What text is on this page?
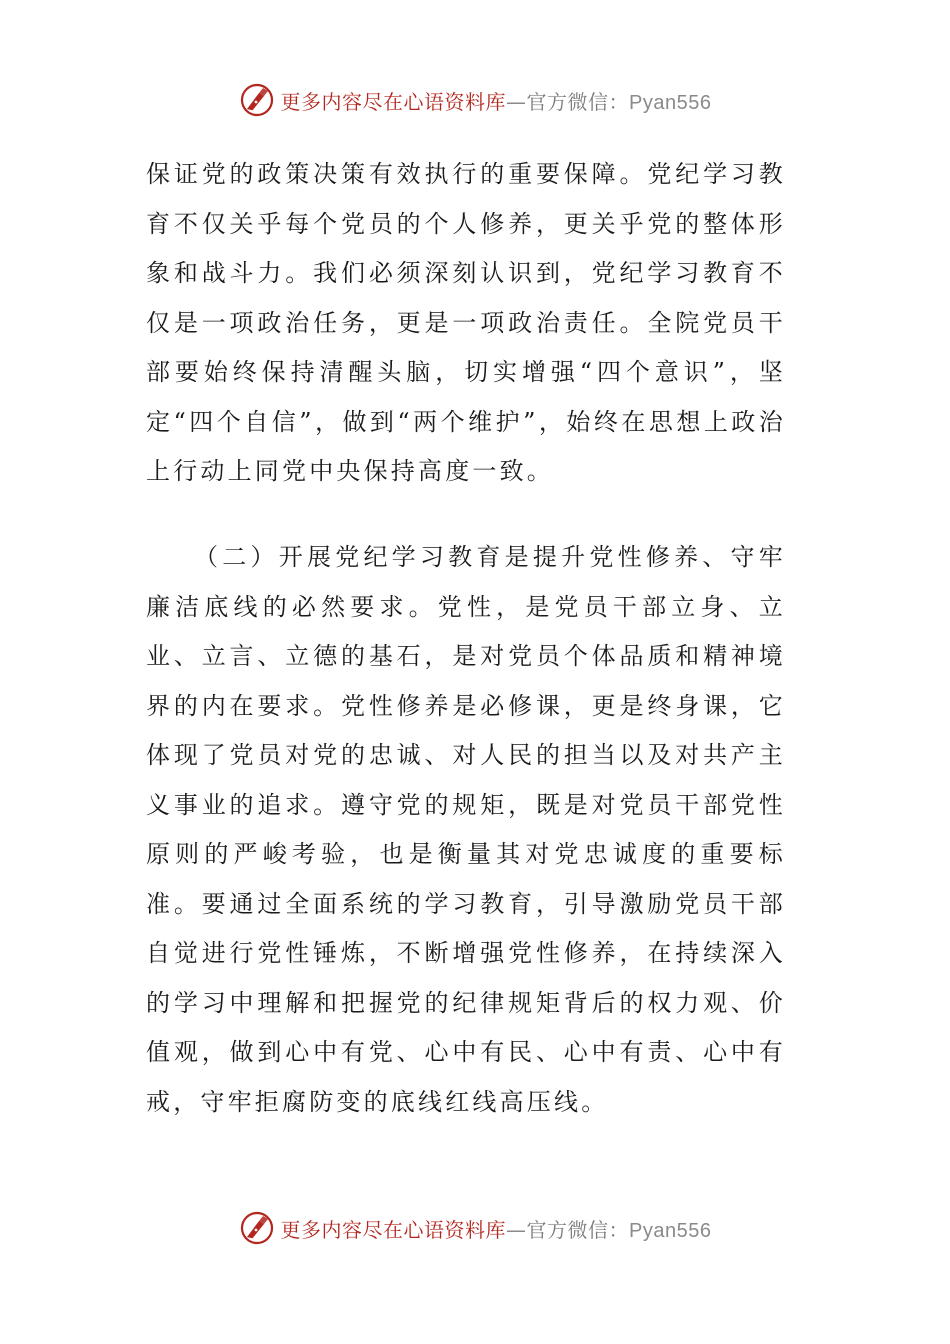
更多内容尽在心语资料库—官方微信：Pyan556

保证党的政策决策有效执行的重要保障。党纪学习教育不仅关乎每个党员的个人修养，更关乎党的整体形象和战斗力。我们必须深刻认识到，党纪学习教育不仅是一项政治任务，更是一项政治责任。全院党员干部要始终保持清醒头脑，切实增强“四个意识”，坚定“四个自信”，做到“两个维护”，始终在思想上政治上行动上同党中央保持高度一致。

（二）开展党纪学习教育是提升党性修养、守牢廉洁底线的必然要求。党性，是党员干部立身、立业、立言、立德的基石，是对党员个体品质和精神境界的内在要求。党性修养是必修课，更是终身课，它体现了党员对党的忠诚、对人民的担当以及对共产主义事业的追求。遵守党的规矩，既是对党员干部党性原则的严峻考验，也是衡量其对党忠诚度的重要标准。要通过全面系统的学习教育，引导激励党员干部自觉进行党性锤炼，不断增强党性修养，在持续深入的学习中理解和把握党的纪律规矩背后的权力观、价值观，做到心中有党、心中有民、心中有责、心中有戒，守牢拒腐防变的底线红线高压线。

更多内容尽在心语资料库—官方微信：Pyan556
